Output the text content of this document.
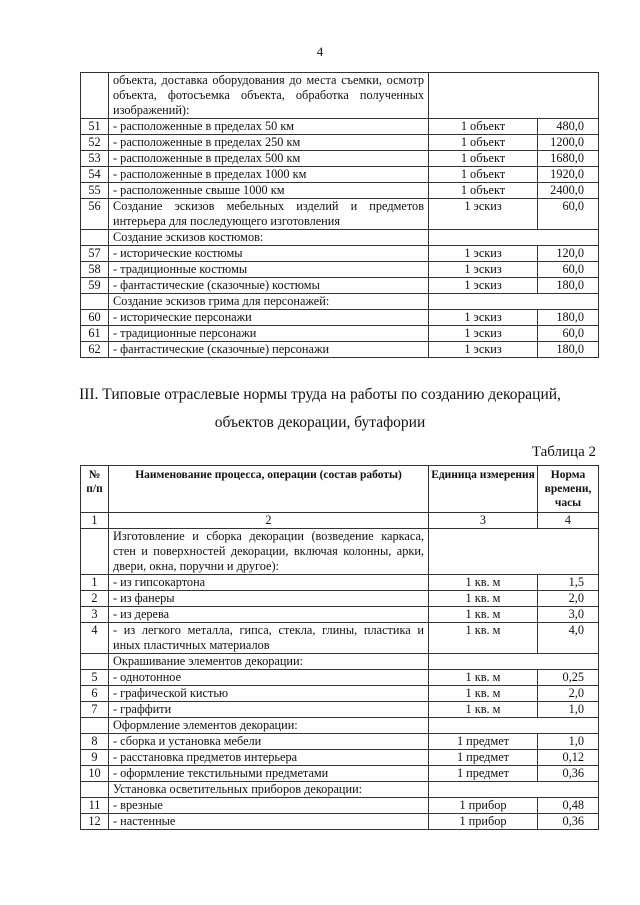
4
	объекта, доставка оборудования до места съемки, осмотр объекта, фотосъемка объекта, обработка полученных изображений):		
51	- расположенные в пределах 50 км	1 объект	480,0
52	- расположенные в пределах 250 км	1 объект	1200,0
53	- расположенные в пределах 500 км	1 объект	1680,0
54	- расположенные в пределах 1000 км	1 объект	1920,0
55	- расположенные свыше 1000 км	1 объект	2400,0
56	Создание эскизов мебельных изделий и предметов интерьера для последующего изготовления	1 эскиз	60,0
	Создание эскизов костюмов:		
57	- исторические костюмы	1 эскиз	120,0
58	- традиционные костюмы	1 эскиз	60,0
59	- фантастические (сказочные) костюмы	1 эскиз	180,0
	Создание эскизов грима для персонажей:		
60	- исторические персонажи	1 эскиз	180,0
61	- традиционные персонажи	1 эскиз	60,0
62	- фантастические (сказочные) персонажи	1 эскиз	180,0
III. Типовые отраслевые нормы труда на работы по созданию декораций,
объектов декорации, бутафории
Таблица 2
№ п/п	Наименование процесса, операции (состав работы)	Единица измерения	Норма времени, часы
1	2	3	4
	Изготовление и сборка декорации (возведение каркаса, стен и поверхностей декорации, включая колонны, арки, двери, окна, поручни и другое):		
1	- из гипсокартона	1 кв. м	1,5
2	- из фанеры	1 кв. м	2,0
3	- из дерева	1 кв. м	3,0
4	- из легкого металла, гипса, стекла, глины, пластика и иных пластичных материалов	1 кв. м	4,0
	Окрашивание элементов декорации:		
5	- однотонное	1 кв. м	0,25
6	- графической кистью	1 кв. м	2,0
7	- граффити	1 кв. м	1,0
	Оформление элементов декорации:		
8	- сборка и установка мебели	1 предмет	1,0
9	- расстановка предметов интерьера	1 предмет	0,12
10	- оформление текстильными предметами	1 предмет	0,36
	Установка осветительных приборов декорации:		
11	- врезные	1 прибор	0,48
12	- настенные	1 прибор	0,36
